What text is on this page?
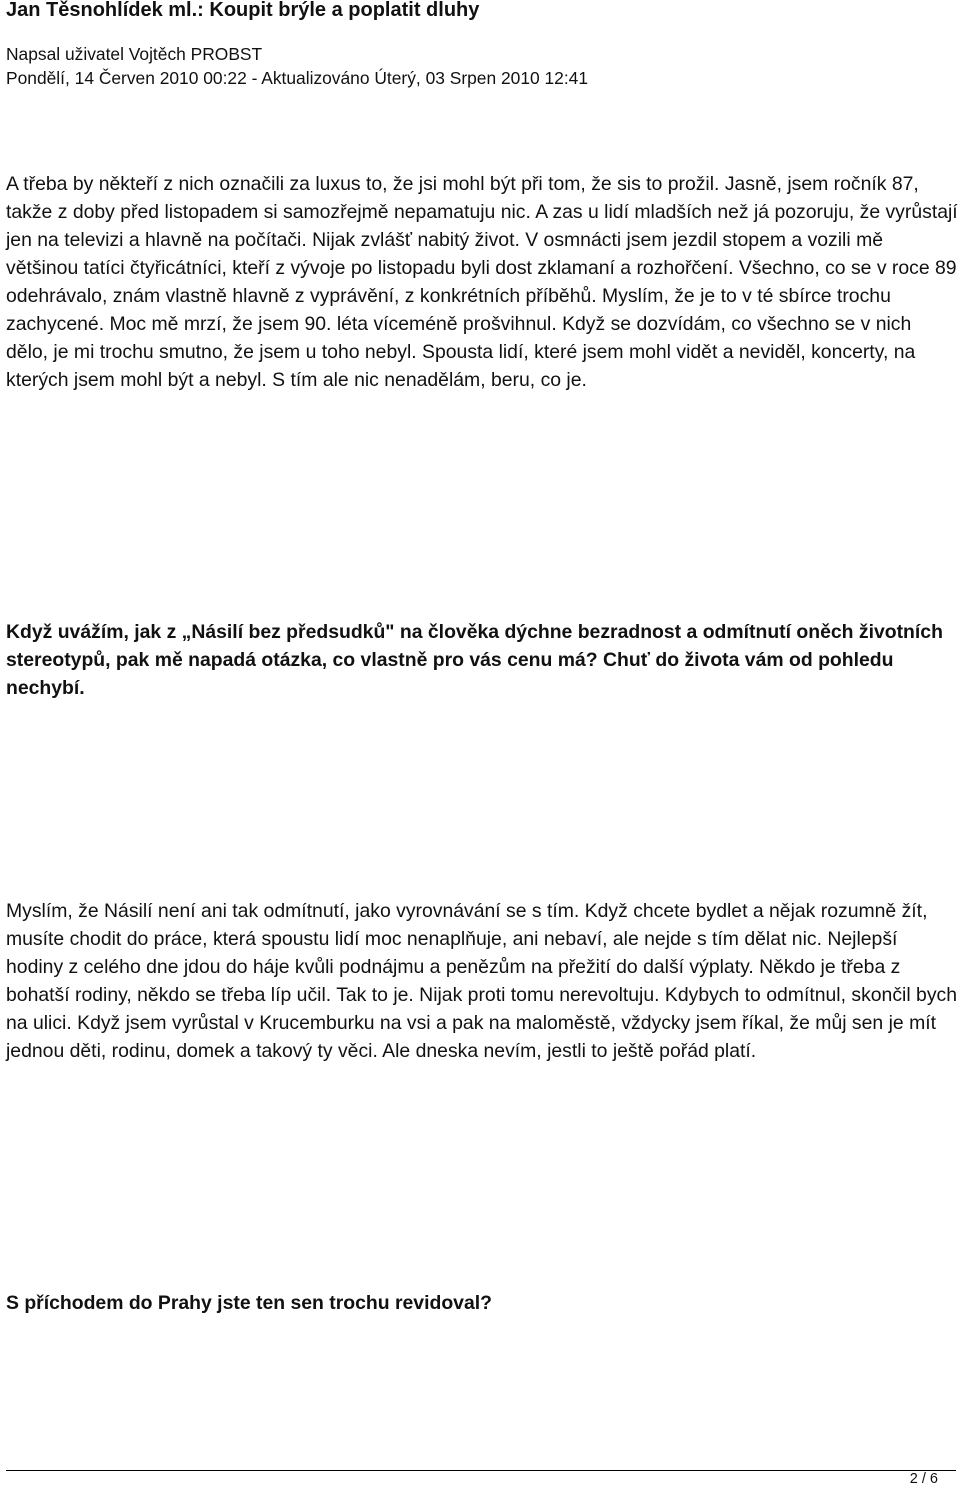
Jan Těsnohlídek ml.: Koupit brýle a poplatit dluhy
Napsal uživatel Vojtěch PROBST
Pondělí, 14 Červen 2010 00:22 - Aktualizováno Úterý, 03 Srpen 2010 12:41

A třeba by někteří z nich označili za luxus to, že jsi mohl být při tom, že sis to prožil. Jasně, jsem ročník 87, takže z doby před listopadem si samozřejmě nepamatuju nic. A zas u lidí mladších než já pozoruju, že vyrůstají jen na televizi a hlavně na počítači. Nijak zvlášť nabitý život. V osmnácti jsem jezdil stopem a vozili mě většinou tatíci čtyřicátníci, kteří z vývoje po listopadu byli dost zklamaní a rozhořčení. Všechno, co se v roce 89 odehrávalo, znám vlastně hlavně z vyprávění, z konkrétních příběhů. Myslím, že je to v té sbírce trochu zachycené. Moc mě mrzí, že jsem 90. léta víceméně prošvihnul. Když se dozvídám, co všechno se v nich dělo, je mi trochu smutno, že jsem u toho nebyl. Spousta lidí, které jsem mohl vidět a neviděl, koncerty, na kterých jsem mohl být a nebyl. S tím ale nic nenadělám, beru, co je.

Když uvážím, jak z „Násilí bez předsudků" na člověka dýchne bezradnost a odmítnutí oněch životních stereotypů, pak mě napadá otázka, co vlastně pro vás cenu má? Chuť do života vám od pohledu nechybí.

Myslím, že Násilí není ani tak odmítnutí, jako vyrovnávání se s tím. Když chcete bydlet a nějak rozumně žít, musíte chodit do práce, která spoustu lidí moc nenaplňuje, ani nebaví, ale nejde s tím dělat nic. Nejlepší hodiny z celého dne jdou do háje kvůli podnájmu a penězům na přežití do další výplaty. Někdo je třeba z bohatší rodiny, někdo se třeba líp učil. Tak to je. Nijak proti tomu nerevoltuju. Kdybych to odmítnul, skončil bych na ulici. Když jsem vyrůstal v Krucemburku na vsi a pak na maloměstě, vždycky jsem říkal, že můj sen je mít jednou děti, rodinu, domek a takový ty věci. Ale dneska nevím, jestli to ještě pořád platí.

S příchodem do Prahy jste ten sen trochu revidoval?

2 / 6
